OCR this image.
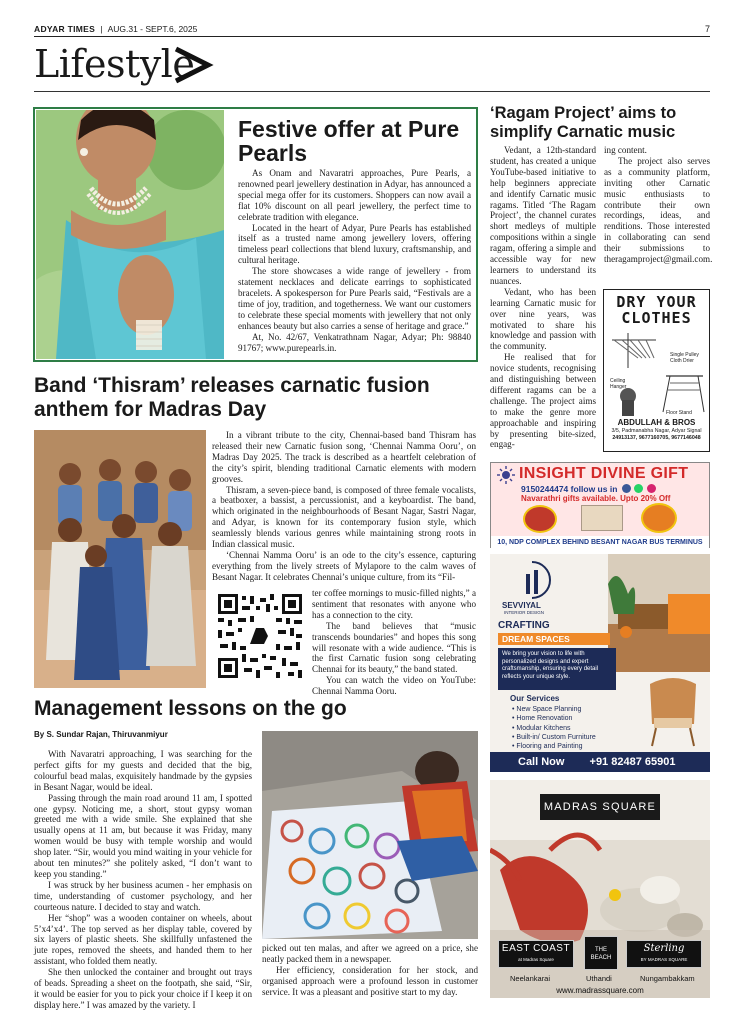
ADYAR TIMES | AUG.31 - SEPT.6, 2025	7
Lifestyle
Festive offer at Pure Pearls

As Onam and Navaratri approaches, Pure Pearls, a renowned pearl jewellery destination in Adyar, has announced a special mega offer for its customers. Shoppers can now avail a flat 10% discount on all pearl jewellery, the perfect time to celebrate tradition with elegance.

Located in the heart of Adyar, Pure Pearls has established itself as a trusted name among jewellery lovers, offering timeless pearl collections that blend luxury, craftsmanship, and cultural heritage.

The store showcases a wide range of jewellery - from statement necklaces and delicate earrings to sophisticated bracelets. A spokesperson for Pure Pearls said, “Festivals are a time of joy, tradition, and togetherness. We want our customers to celebrate these special moments with jewellery that not only enhances beauty but also carries a sense of heritage and grace.”

At, No. 42/67, Venkatrathnam Nagar, Adyar; Ph: 98840 91767; www.purepearls.in.

‘Ragam Project’ aims to simplify Carnatic music

Vedant, a 12th-standard student, has created a unique YouTube-based initiative to help beginners appreciate and identify Carnatic music ragams. Titled ‘The Ragam Project’, the channel curates short medleys of multiple compositions within a single ragam, offering a simple and accessible way for new learners to understand its nuances.

Vedant, who has been learning Carnatic music for over nine years, was motivated to share his knowledge and passion with the community.

He realised that for novice students, recognising and distinguishing between different ragams can be a challenge. The project aims to make the genre more approachable and inspiring by presenting bite-sized, engag-

ing content.

The project also serves as a community platform, inviting other Carnatic music enthusiasts to contribute their own recordings, ideas, and renditions. Those interested in collaborating can send their submissions to theragamproject@gmail.com.

DRY YOUR CLOTHES
Single Pulley Cloth Drier
Ceiling Hanger
Floor Stand
ABDULLAH & BROS
3/5, Padmanabha Nagar, Adyar Signal
24913137, 9677160705, 9677146048
Band ‘Thisram’ releases carnatic fusion anthem for Madras Day

In a vibrant tribute to the city, Chennai-based band Thisram has released their new Carnatic fusion song, ‘Chennai Namma Ooru’, on Madras Day 2025. The track is described as a heartfelt celebration of the city’s spirit, blending traditional Carnatic elements with modern grooves.

Thisram, a seven-piece band, is composed of three female vocalists, a beatboxer, a bassist, a percussionist, and a keyboardist. The band, which originated in the neighbourhoods of Besant Nagar, Sastri Nagar, and Adyar, is known for its contemporary fusion style, which seamlessly blends various genres while maintaining strong roots in Indian classical music.

‘Chennai Namma Ooru’ is an ode to the city’s essence, capturing everything from the lively streets of Mylapore to the calm waves of Besant Nagar. It celebrates Chennai’s unique culture, from its “Fil-

ter coffee mornings to music-filled nights,” a sentiment that resonates with anyone who has a connection to the city.

The band believes that “music transcends boundaries” and hopes this song will resonate with a wide audience. “This is the first Carnatic fusion song celebrating Chennai for its beauty,” the band stated.

You can watch the video on YouTube: Chennai Namma Ooru.

Management lessons on the go
By S. Sundar Rajan, Thiruvanmiyur

With Navaratri approaching, I was searching for the perfect gifts for my guests and decided that the big, colourful bead malas, exquisitely handmade by the gypsies in Besant Nagar, would be ideal.

Passing through the main road around 11 am, I spotted one gypsy. Noticing me, a short, stout gypsy woman greeted me with a wide smile. She explained that she usually opens at 11 am, but because it was Friday, many women would be busy with temple worship and would shop later. “Sir, would you mind waiting in your vehicle for about ten minutes?” she politely asked, “I don’t want to keep you standing.”

I was struck by her business acumen - her emphasis on time, understanding of customer psychology, and her courteous nature. I decided to stay and watch.

Her “shop” was a wooden container on wheels, about 5’x4’x4’. The top served as her display table, covered by six layers of plastic sheets. She skillfully unfastened the jute ropes, removed the sheets, and handed them to her assistant, who folded them neatly.

She then unlocked the container and brought out trays of beads. Spreading a sheet on the footpath, she said, “Sir, it would be easier for you to pick your choice if I keep it on display here.” I was amazed by the variety. I

picked out ten malas, and after we agreed on a price, she neatly packed them in a newspaper.

Her efficiency, consideration for her stock, and organised approach were a profound lesson in customer service. It was a pleasant and positive start to my day.

INSIGHT DIVINE GIFT
9150244474 follow us in
Navarathri gifts available. Upto 20% Off
10, NDP COMPLEX BEHIND BESANT NAGAR BUS TERMINUS
SEVVIYAL
INTERIOR DESIGN
CRAFTING
DREAM SPACES
We bring your vision to life with personalized designs and expert craftsmanship, ensuring every detail reflects your unique style.
Our Services
• New Space Planning
• Home Renovation
• Modular Kitchens
• Built-in/ Custom Furniture
• Flooring and Painting
Call Now +91 82487 65901
MADRAS SQUARE
EAST COAST
at Madras Square
THE BEACH
Sterling
BY MADRAS SQUARE
Neelankarai	Uthandi	Nungambakkam
www.madrassquare.com
